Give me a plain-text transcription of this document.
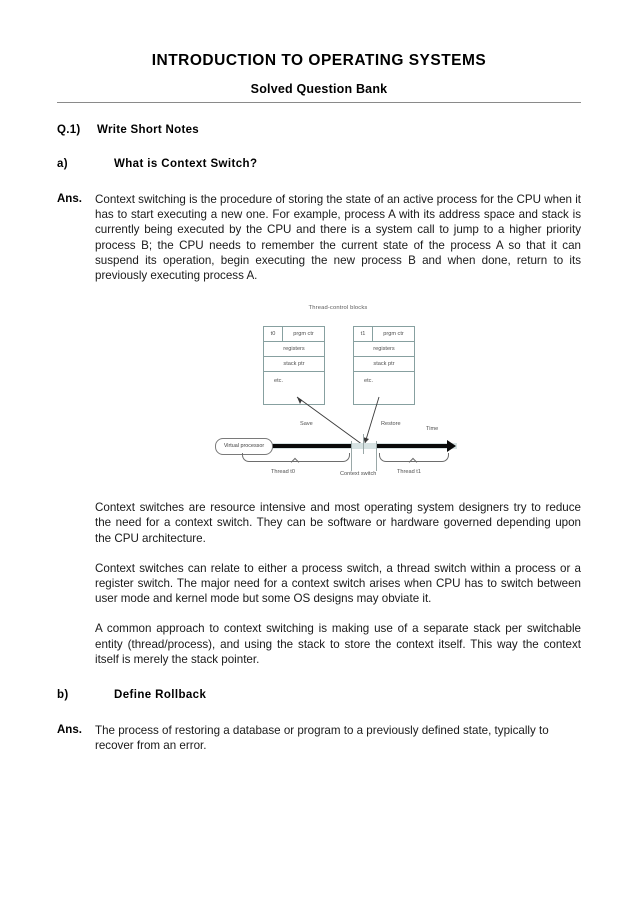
INTRODUCTION TO OPERATING SYSTEMS
Solved Question Bank
Q.1)	Write Short Notes
a)	What is Context Switch?
Ans.	Context switching is the procedure of storing the state of an active process for the CPU when it has to start executing a new one. For example, process A with its address space and stack is currently being executed by the CPU and there is a system call to jump to a higher priority process B; the CPU needs to remember the current state of the process A so that it can suspend its operation, begin executing the new process B and when done, return to its previously executing process A.

Thread-control blocks
t0	prgm ctr
registers
stack ptr
etc.
t1	prgm ctr
registers
stack ptr
etc.
Virtual processor
Save	Restore
Time
Thread t0	Thread t1
Context switch

Context switches are resource intensive and most operating system designers try to reduce the need for a context switch. They can be software or hardware governed depending upon the CPU architecture.

Context switches can relate to either a process switch, a thread switch within a process or a register switch. The major need for a context switch arises when CPU has to switch between user mode and kernel mode but some OS designs may obviate it.

A common approach to context switching is making use of a separate stack per switchable entity (thread/process), and using the stack to store the context itself. This way the context itself is merely the stack pointer.

b)	Define Rollback
Ans.	The process of restoring a database or program to a previously defined state, typically to recover from an error.
